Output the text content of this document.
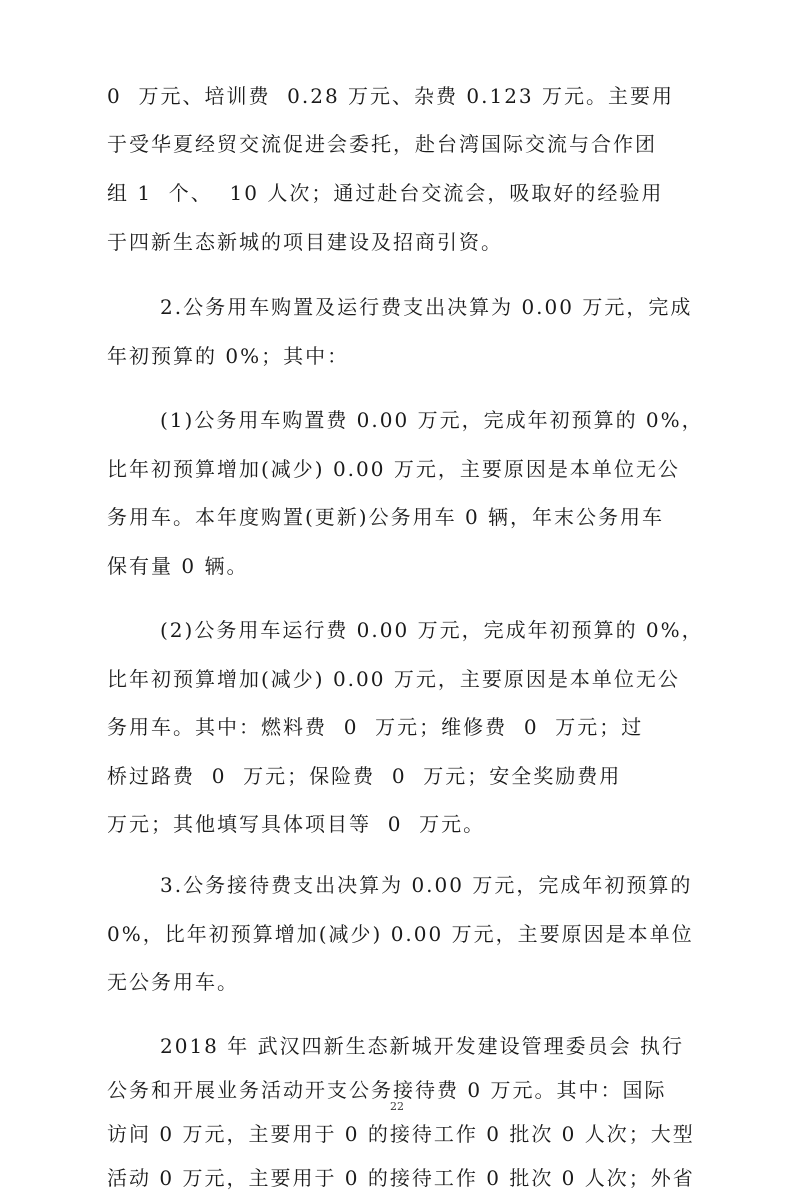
0  万元、培训费  0.28 万元、杂费 0.123 万元。主要用
于受华夏经贸交流促进会委托，赴台湾国际交流与合作团
组 1  个、  10 人次；通过赴台交流会，吸取好的经验用
于四新生态新城的项目建设及招商引资。
2.公务用车购置及运行费支出决算为 0.00 万元，完成
年初预算的 0%；其中：
(1)公务用车购置费 0.00 万元，完成年初预算的 0%，
比年初预算增加(减少) 0.00 万元，主要原因是本单位无公
务用车。本年度购置(更新)公务用车 0 辆，年末公务用车
保有量 0 辆。
(2)公务用车运行费 0.00 万元，完成年初预算的 0%，
比年初预算增加(减少) 0.00 万元，主要原因是本单位无公
务用车。其中：燃料费  0  万元；维修费  0  万元；过
桥过路费  0  万元；保险费  0  万元；安全奖励费用
万元；其他填写具体项目等  0  万元。
3.公务接待费支出决算为 0.00 万元，完成年初预算的
0%，比年初预算增加(减少) 0.00 万元，主要原因是本单位
无公务用车。
2018 年 武汉四新生态新城开发建设管理委员会 执行
公务和开展业务活动开支公务接待费 0 万元。其中：国际
访问 0 万元，主要用于 0 的接待工作 0 批次 0 人次；大型
活动 0 万元，主要用于 0 的接待工作 0 批次 0 人次；外省
22
